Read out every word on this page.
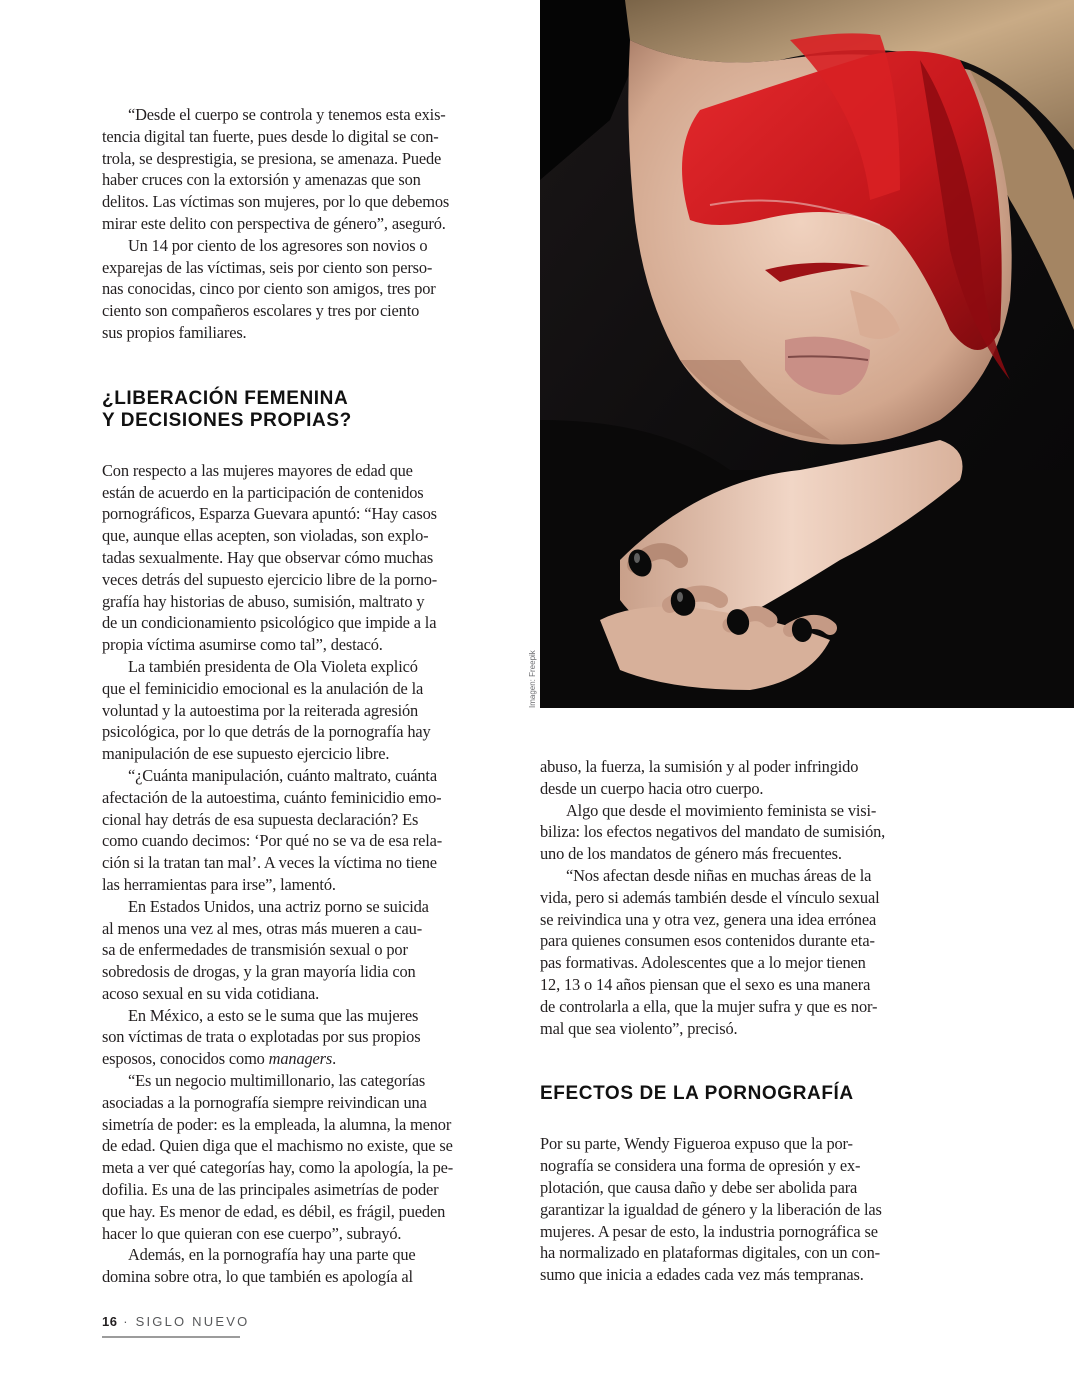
Imagen: Freepik

“Desde el cuerpo se controla y tenemos esta exis-
tencia digital tan fuerte, pues desde lo digital se con-
trola, se desprestigia, se presiona, se amenaza. Puede
haber cruces con la extorsión y amenazas que son
delitos. Las víctimas son mujeres, por lo que debemos
mirar este delito con perspectiva de género”, aseguró.

Un 14 por ciento de los agresores son novios o
exparejas de las víctimas, seis por ciento son perso-
nas conocidas, cinco por ciento son amigos, tres por
ciento son compañeros escolares y tres por ciento
sus propios familiares.

¿LIBERACIÓN FEMENINA
Y DECISIONES PROPIAS?

Con respecto a las mujeres mayores de edad que
están de acuerdo en la participación de contenidos
pornográficos, Esparza Guevara apuntó: “Hay casos
que, aunque ellas acepten, son violadas, son explo-
tadas sexualmente. Hay que observar cómo muchas
veces detrás del supuesto ejercicio libre de la porno-
grafía hay historias de abuso, sumisión, maltrato y
de un condicionamiento psicológico que impide a la
propia víctima asumirse como tal”, destacó.

La también presidenta de Ola Violeta explicó
que el feminicidio emocional es la anulación de la
voluntad y la autoestima por la reiterada agresión
psicológica, por lo que detrás de la pornografía hay
manipulación de ese supuesto ejercicio libre.

“¿Cuánta manipulación, cuánto maltrato, cuánta
afectación de la autoestima, cuánto feminicidio emo-
cional hay detrás de esa supuesta declaración? Es
como cuando decimos: ‘Por qué no se va de esa rela-
ción si la tratan tan mal’. A veces la víctima no tiene
las herramientas para irse”, lamentó.

En Estados Unidos, una actriz porno se suicida
al menos una vez al mes, otras más mueren a cau-
sa de enfermedades de transmisión sexual o por
sobredosis de drogas, y la gran mayoría lidia con
acoso sexual en su vida cotidiana.

En México, a esto se le suma que las mujeres
son víctimas de trata o explotadas por sus propios
esposos, conocidos como managers.

“Es un negocio multimillonario, las categorías
asociadas a la pornografía siempre reivindican una
simetría de poder: es la empleada, la alumna, la menor
de edad. Quien diga que el machismo no existe, que se
meta a ver qué categorías hay, como la apología, la pe-
dofilia. Es una de las principales asimetrías de poder
que hay. Es menor de edad, es débil, es frágil, pueden
hacer lo que quieran con ese cuerpo”, subrayó.

Además, en la pornografía hay una parte que
domina sobre otra, lo que también es apología al

abuso, la fuerza, la sumisión y al poder infringido
desde un cuerpo hacia otro cuerpo.

Algo que desde el movimiento feminista se visi-
biliza: los efectos negativos del mandato de sumisión,
uno de los mandatos de género más frecuentes.

“Nos afectan desde niñas en muchas áreas de la
vida, pero si además también desde el vínculo sexual
se reivindica una y otra vez, genera una idea errónea
para quienes consumen esos contenidos durante eta-
pas formativas. Adolescentes que a lo mejor tienen
12, 13 o 14 años piensan que el sexo es una manera
de controlarla a ella, que la mujer sufra y que es nor-
mal que sea violento”, precisó.

EFECTOS DE LA PORNOGRAFÍA

Por su parte, Wendy Figueroa expuso que la por-
nografía se considera una forma de opresión y ex-
plotación, que causa daño y debe ser abolida para
garantizar la igualdad de género y la liberación de las
mujeres. A pesar de esto, la industria pornográfica se
ha normalizado en plataformas digitales, con un con-
sumo que inicia a edades cada vez más tempranas.

16 · SIGLO NUEVO
